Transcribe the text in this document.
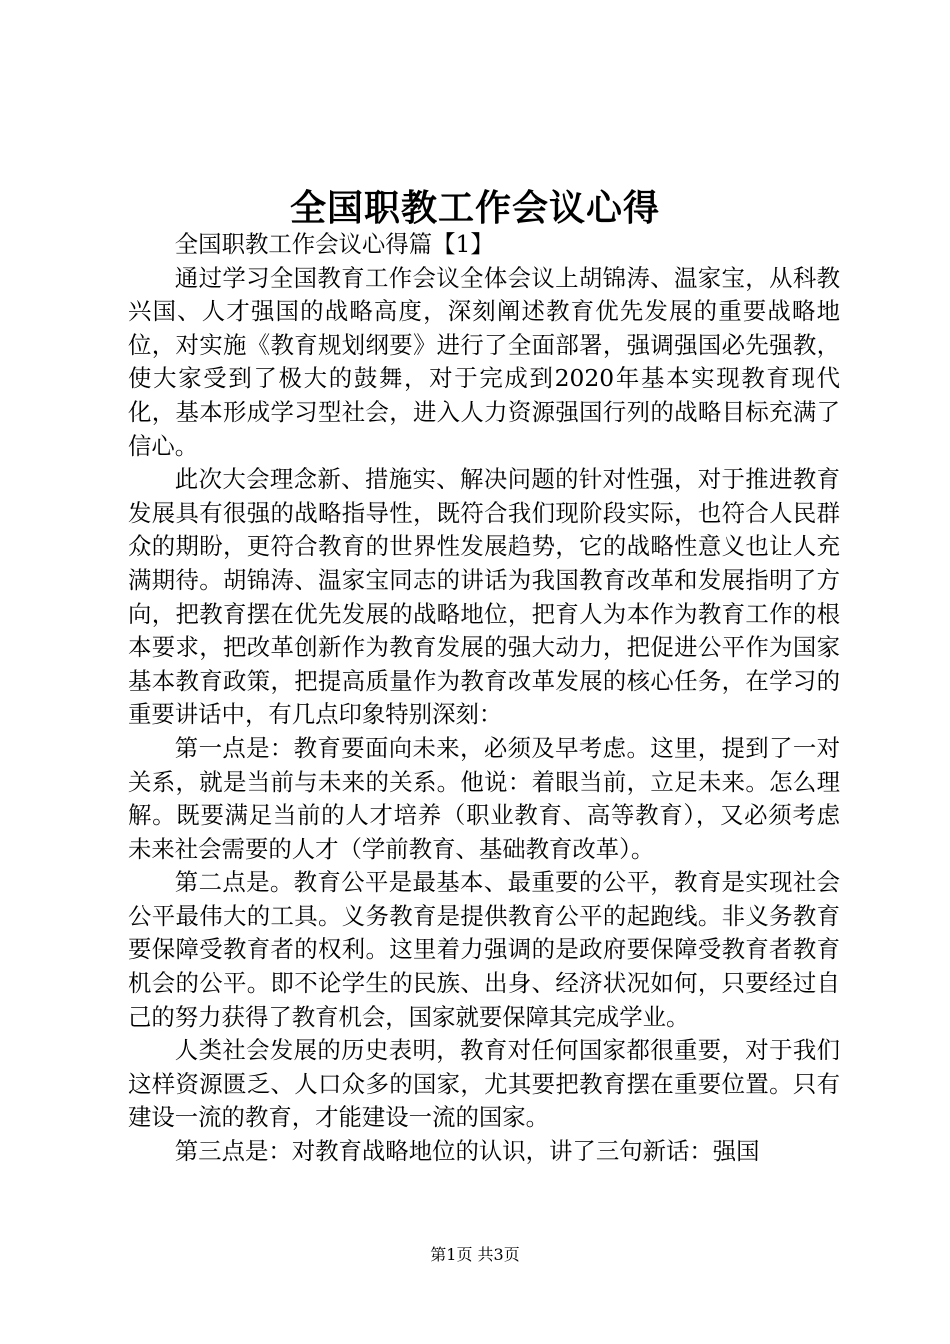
全国职教工作会议心得

全国职教工作会议心得篇【1】

通过学习全国教育工作会议全体会议上胡锦涛、温家宝，从科教兴国、人才强国的战略高度，深刻阐述教育优先发展的重要战略地位，对实施《教育规划纲要》进行了全面部署，强调强国必先强教，使大家受到了极大的鼓舞，对于完成到2020年基本实现教育现代化，基本形成学习型社会，进入人力资源强国行列的战略目标充满了信心。

此次大会理念新、措施实、解决问题的针对性强，对于推进教育发展具有很强的战略指导性，既符合我们现阶段实际，也符合人民群众的期盼，更符合教育的世界性发展趋势，它的战略性意义也让人充满期待。胡锦涛、温家宝同志的讲话为我国教育改革和发展指明了方向，把教育摆在优先发展的战略地位，把育人为本作为教育工作的根本要求，把改革创新作为教育发展的强大动力，把促进公平作为国家基本教育政策，把提高质量作为教育改革发展的核心任务，在学习的重要讲话中，有几点印象特别深刻：

第一点是：教育要面向未来，必须及早考虑。这里，提到了一对关系，就是当前与未来的关系。他说：着眼当前，立足未来。怎么理解。既要满足当前的人才培养（职业教育、高等教育），又必须考虑未来社会需要的人才（学前教育、基础教育改革）。

第二点是。教育公平是最基本、最重要的公平，教育是实现社会公平最伟大的工具。义务教育是提供教育公平的起跑线。非义务教育要保障受教育者的权利。这里着力强调的是政府要保障受教育者教育机会的公平。即不论学生的民族、出身、经济状况如何，只要经过自己的努力获得了教育机会，国家就要保障其完成学业。

人类社会发展的历史表明，教育对任何国家都很重要，对于我们这样资源匮乏、人口众多的国家，尤其要把教育摆在重要位置。只有建设一流的教育，才能建设一流的国家。

第三点是：对教育战略地位的认识，讲了三句新话：强国

第1页 共3页
